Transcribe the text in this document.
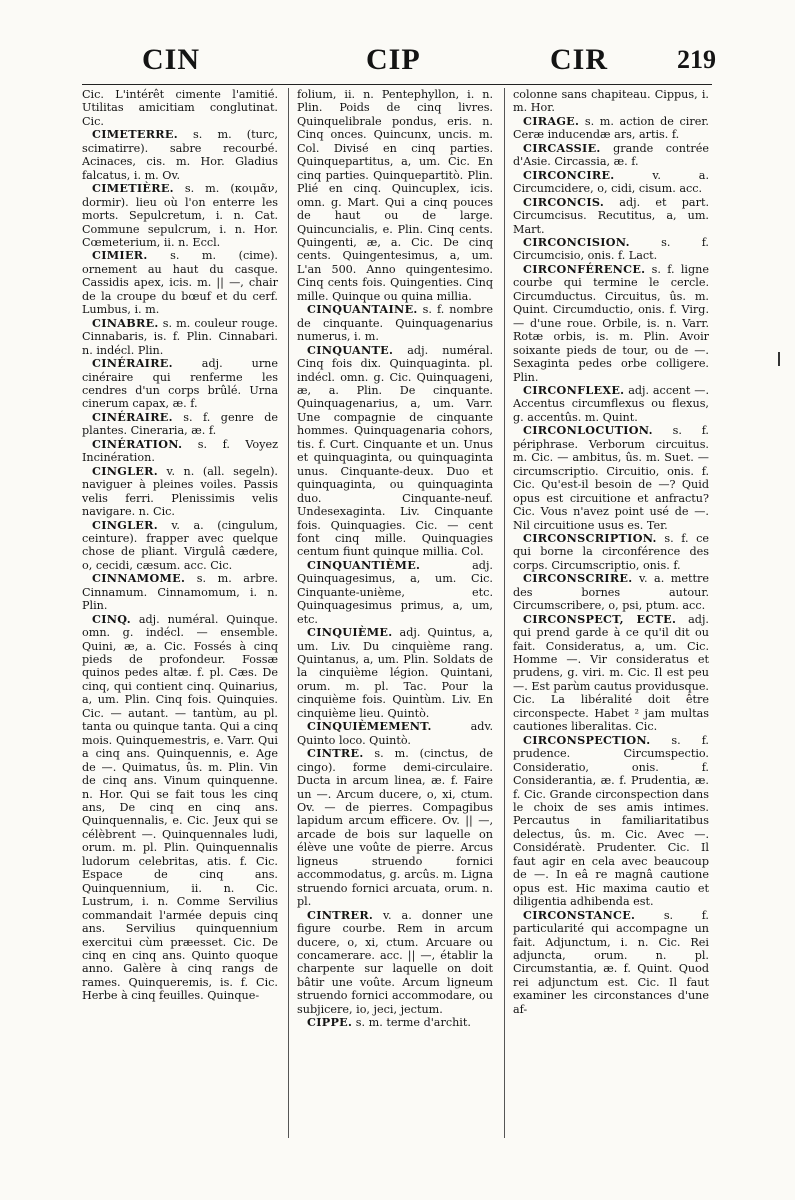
CIN	CIP	CIR	219

Cic. L'intérêt cimente l'amitié. Utilitas amicitiam conglutinat. Cic.

CIMETERRE. s. m. (turc, scimatirre). sabre recourbé. Acinaces, cis. m. Hor. Gladius falcatus, i. m. Ov.

CIMETIÈRE. s. m. (κοιμᾶν, dormir). lieu où l'on enterre les morts. Sepulcretum, i. n. Cat. Commune sepulcrum, i. n. Hor. Cœmeterium, ii. n. Eccl.

CIMIER. s. m. (cime). ornement au haut du casque. Cassidis apex, icis. m. || —, chair de la croupe du bœuf et du cerf. Lumbus, i. m.

CINABRE. s. m. couleur rouge. Cinnabaris, is. f. Plin. Cinnabari. n. indécl. Plin.

CINÉRAIRE. adj. urne cinéraire qui renferme les cendres d'un corps brûlé. Urna cinerum capax, æ. f.

CINÉRAIRE. s. f. genre de plantes. Cineraria, æ. f.

CINÉRATION. s. f. Voyez Incinération.

CINGLER. v. n. (all. segeln). naviguer à pleines voiles. Passis velis ferri. Plenissimis velis navigare. n. Cic.

CINGLER. v. a. (cingulum, ceinture). frapper avec quelque chose de pliant. Virgulâ cædere, o, cecidi, cæsum. acc. Cic.

CINNAMOME. s. m. arbre. Cinnamum. Cinnamomum, i. n. Plin.

CINQ. adj. numéral. Quinque. omn. g. indécl. — ensemble. Quini, æ, a. Cic. Fossés à cinq pieds de profondeur. Fossæ quinos pedes altæ. f. pl. Cæs. De cinq, qui contient cinq. Quinarius, a, um. Plin. Cinq fois. Quinquies. Cic. — autant. — tantùm, au pl. tanta ou quinque tanta. Qui a cinq mois. Quinquemestris, e. Varr. Qui a cinq ans. Quinquennis, e. Age de —. Quimatus, ûs. m. Plin. Vin de cinq ans. Vinum quinquenne. n. Hor. Qui se fait tous les cinq ans, De cinq en cinq ans. Quinquennalis, e. Cic. Jeux qui se célèbrent —. Quinquennales ludi, orum. m. pl. Plin. Quinquennalis ludorum celebritas, atis. f. Cic. Espace de cinq ans. Quinquennium, ii. n. Cic. Lustrum, i. n. Comme Servilius commandait l'armée depuis cinq ans. Servilius quinquennium exercitui cùm præesset. Cic. De cinq en cinq ans. Quinto quoque anno. Galère à cinq rangs de rames. Quinqueremis, is. f. Cic. Herbe à cinq feuilles. Quinque-

folium, ii. n. Pentephyllon, i. n. Plin. Poids de cinq livres. Quinquelibrale pondus, eris. n. Cinq onces. Quincunx, uncis. m. Col. Divisé en cinq parties. Quinquepartitus, a, um. Cic. En cinq parties. Quinquepartitò. Plin. Plié en cinq. Quincuplex, icis. omn. g. Mart. Qui a cinq pouces de haut ou de large. Quincuncialis, e. Plin. Cinq cents. Quingenti, æ, a. Cic. De cinq cents. Quingentesimus, a, um. L'an 500. Anno quingentesimo. Cinq cents fois. Quingenties. Cinq mille. Quinque ou quina millia.

CINQUANTAINE. s. f. nombre de cinquante. Quinquagenarius numerus, i. m.

CINQUANTE. adj. numéral. Cinq fois dix. Quinquaginta. pl. indécl. omn. g. Cic. Quinquageni, æ, a. Plin. De cinquante. Quinquagenarius, a, um. Varr. Une compagnie de cinquante hommes. Quinquagenaria cohors, tis. f. Curt. Cinquante et un. Unus et quinquaginta, ou quinquaginta unus. Cinquante-deux. Duo et quinquaginta, ou quinquaginta duo. Cinquante-neuf. Undesexaginta. Liv. Cinquante fois. Quinquagies. Cic. — cent font cinq mille. Quinquagies centum fiunt quinque millia. Col.

CINQUANTIÈME. adj. Quinquagesimus, a, um. Cic. Cinquante-unième, etc. Quinquagesimus primus, a, um, etc.

CINQUIÈME. adj. Quintus, a, um. Liv. Du cinquième rang. Quintanus, a, um. Plin. Soldats de la cinquième légion. Quintani, orum. m. pl. Tac. Pour la cinquième fois. Quintùm. Liv. En cinquième lieu. Quintò.

CINQUIÈMEMENT. adv. Quinto loco. Quintò.

CINTRE. s. m. (cinctus, de cingo). forme demi-circulaire. Ducta in arcum linea, æ. f. Faire un —. Arcum ducere, o, xi, ctum. Ov. — de pierres. Compagibus lapidum arcum efficere. Ov. || —, arcade de bois sur laquelle on élève une voûte de pierre. Arcus ligneus struendo fornici accommodatus, g. arcûs. m. Ligna struendo fornici arcuata, orum. n. pl.

CINTRER. v. a. donner une figure courbe. Rem in arcum ducere, o, xi, ctum. Arcuare ou concamerare. acc. || —, établir la charpente sur laquelle on doit bâtir une voûte. Arcum ligneum struendo fornici accommodare, ou subjicere, io, jeci, jectum.

CIPPE. s. m. terme d'archit.

colonne sans chapiteau. Cippus, i. m. Hor.

CIRAGE. s. m. action de cirer. Ceræ inducendæ ars, artis. f.

CIRCASSIE. grande contrée d'Asie. Circassia, æ. f.

CIRCONCIRE. v. a. Circumcidere, o, cidi, cisum. acc.

CIRCONCIS. adj. et part. Circumcisus. Recutitus, a, um. Mart.

CIRCONCISION. s. f. Circumcisio, onis. f. Lact.

CIRCONFÉRENCE. s. f. ligne courbe qui termine le cercle. Circumductus. Circuitus, ûs. m. Quint. Circumductio, onis. f. Virg. — d'une roue. Orbile, is. n. Varr. Rotæ orbis, is. m. Plin. Avoir soixante pieds de tour, ou de —. Sexaginta pedes orbe colligere. Plin.

CIRCONFLEXE. adj. accent —. Accentus circumflexus ou flexus, g. accentûs. m. Quint.

CIRCONLOCUTION. s. f. périphrase. Verborum circuitus. m. Cic. — ambitus, ûs. m. Suet. — circumscriptio. Circuitio, onis. f. Cic. Qu'est-il besoin de —? Quid opus est circuitione et anfractu? Cic. Vous n'avez point usé de —. Nil circuitione usus es. Ter.

CIRCONSCRIPTION. s. f. ce qui borne la circonférence des corps. Circumscriptio, onis. f.

CIRCONSCRIRE. v. a. mettre des bornes autour. Circumscribere, o, psi, ptum. acc.

CIRCONSPECT, ECTE. adj. qui prend garde à ce qu'il dit ou fait. Consideratus, a, um. Cic. Homme —. Vir consideratus et prudens, g. viri. m. Cic. Il est peu —. Est parùm cautus providusque. Cic. La libéralité doit être circonspecte. Habet ² jam multas cautiones liberalitas. Cic.

CIRCONSPECTION. s. f. prudence. Circumspectio. Consideratio, onis. f. Considerantia, æ. f. Prudentia, æ. f. Cic. Grande circonspection dans le choix de ses amis intimes. Percautus in familiaritatibus delectus, ûs. m. Cic. Avec —. Considératè. Prudenter. Cic. Il faut agir en cela avec beaucoup de —. In eâ re magnâ cautione opus est. Hic maxima cautio et diligentia adhibenda est.

CIRCONSTANCE. s. f. particularité qui accompagne un fait. Adjunctum, i. n. Cic. Rei adjuncta, orum. n. pl. Circumstantia, æ. f. Quint. Quod rei adjunctum est. Cic. Il faut examiner les circonstances d'une af-
